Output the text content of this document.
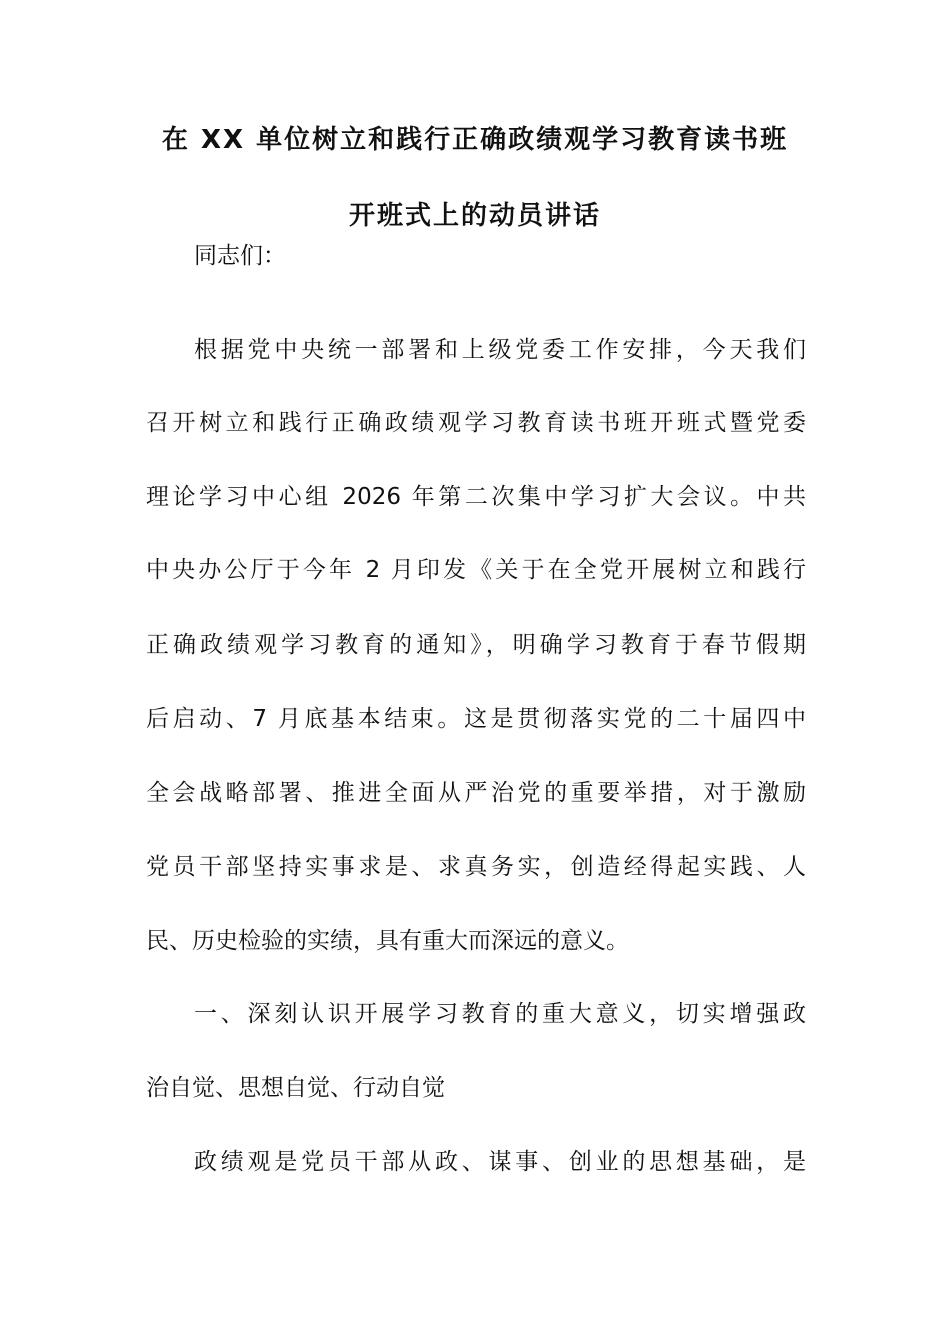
在 XX 单位树立和践行正确政绩观学习教育读书班
开班式上的动员讲话
同志们：
根据党中央统一部署和上级党委工作安排，今天我们
召开树立和践行正确政绩观学习教育读书班开班式暨党委
理论学习中心组 2026 年第二次集中学习扩大会议。中共
中央办公厅于今年 2 月印发《关于在全党开展树立和践行
正确政绩观学习教育的通知》，明确学习教育于春节假期
后启动、7 月底基本结束。这是贯彻落实党的二十届四中
全会战略部署、推进全面从严治党的重要举措，对于激励
党员干部坚持实事求是、求真务实，创造经得起实践、人
民、历史检验的实绩，具有重大而深远的意义。
一、深刻认识开展学习教育的重大意义，切实增强政
治自觉、思想自觉、行动自觉
政绩观是党员干部从政、谋事、创业的思想基础，是
